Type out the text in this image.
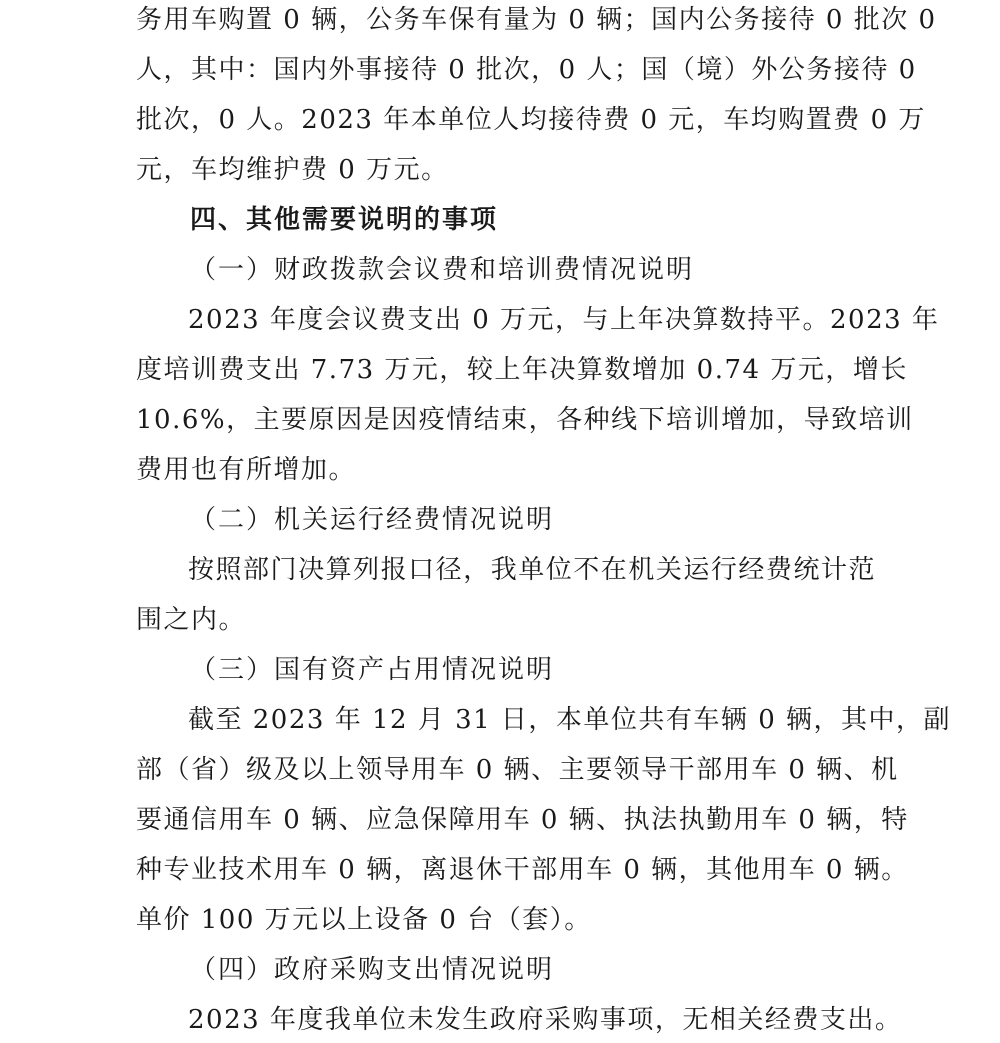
务用车购置 0 辆，公务车保有量为 0 辆；国内公务接待 0 批次 0
人，其中：国内外事接待 0 批次，0 人；国（境）外公务接待 0
批次，0 人。2023 年本单位人均接待费 0 元，车均购置费 0 万
元，车均维护费 0 万元。
四、其他需要说明的事项
（一）财政拨款会议费和培训费情况说明
2023 年度会议费支出 0 万元，与上年决算数持平。2023 年
度培训费支出 7.73 万元，较上年决算数增加 0.74 万元，增长
10.6%，主要原因是因疫情结束，各种线下培训增加，导致培训
费用也有所增加。
（二）机关运行经费情况说明
按照部门决算列报口径，我单位不在机关运行经费统计范
围之内。
（三）国有资产占用情况说明
截至 2023 年 12 月 31 日，本单位共有车辆 0 辆，其中，副
部（省）级及以上领导用车 0 辆、主要领导干部用车 0 辆、机
要通信用车 0 辆、应急保障用车 0 辆、执法执勤用车 0 辆，特
种专业技术用车 0 辆，离退休干部用车 0 辆，其他用车 0 辆。
单价 100 万元以上设备 0 台（套）。
（四）政府采购支出情况说明
2023 年度我单位未发生政府采购事项，无相关经费支出。
